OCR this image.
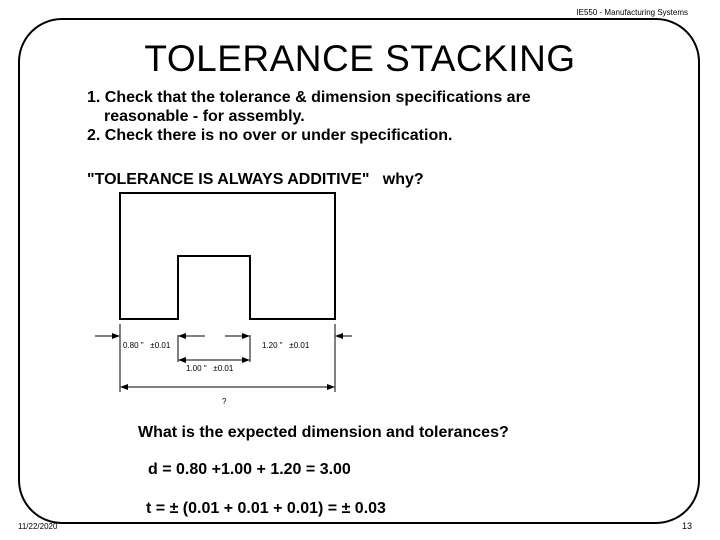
IE550 - Manufacturing Systems
TOLERANCE STACKING
1. Check that the tolerance & dimension specifications are
reasonable - for assembly.
2. Check there is no over or under specification.
"TOLERANCE IS ALWAYS ADDITIVE"   why?
0.80 "   ±0.01	1.20 "   ±0.01
1.00 "   ±0.01
?
What is the expected dimension and tolerances?
d = 0.80 +1.00 + 1.20 = 3.00
t = ± (0.01 + 0.01 + 0.01) = ± 0.03
11/22/2020	13
